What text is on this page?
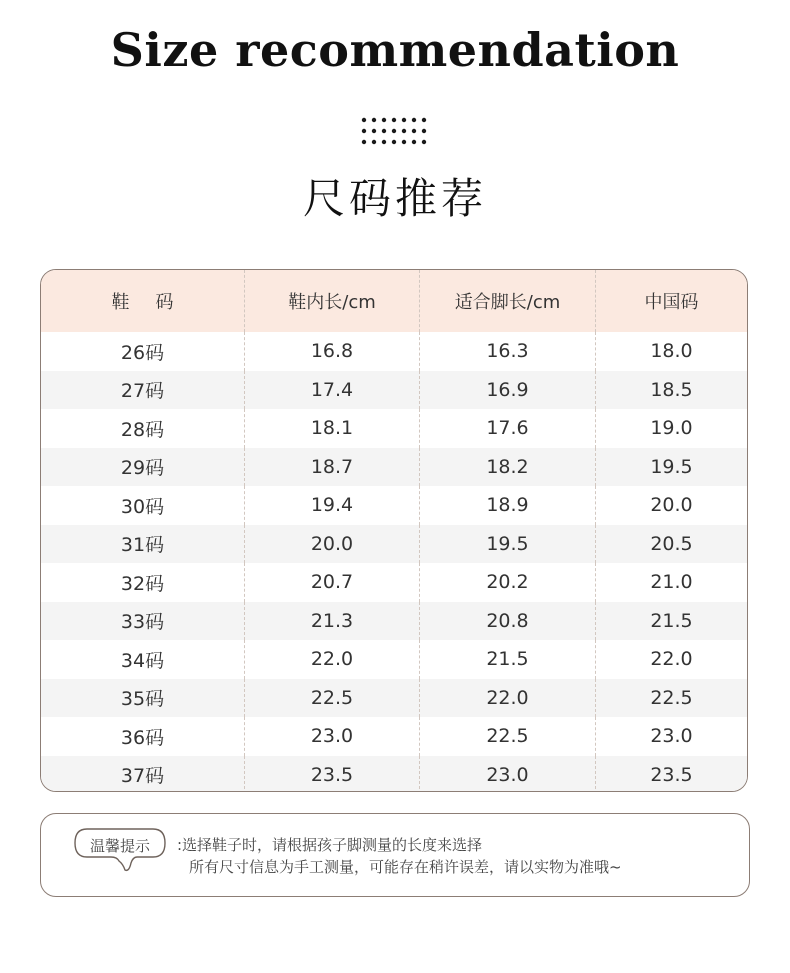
Size recommendation
尺码推荐
鞋码	鞋内长/cm	适合脚长/cm	中国码
26码	16.8	16.3	18.0
27码	17.4	16.9	18.5
28码	18.1	17.6	19.0
29码	18.7	18.2	19.5
30码	19.4	18.9	20.0
31码	20.0	19.5	20.5
32码	20.7	20.2	21.0
33码	21.3	20.8	21.5
34码	22.0	21.5	22.0
35码	22.5	22.0	22.5
36码	23.0	22.5	23.0
37码	23.5	23.0	23.5
温馨提示	:选择鞋子时，请根据孩子脚测量的长度来选择
所有尺寸信息为手工测量，可能存在稍许误差，请以实物为准哦~
